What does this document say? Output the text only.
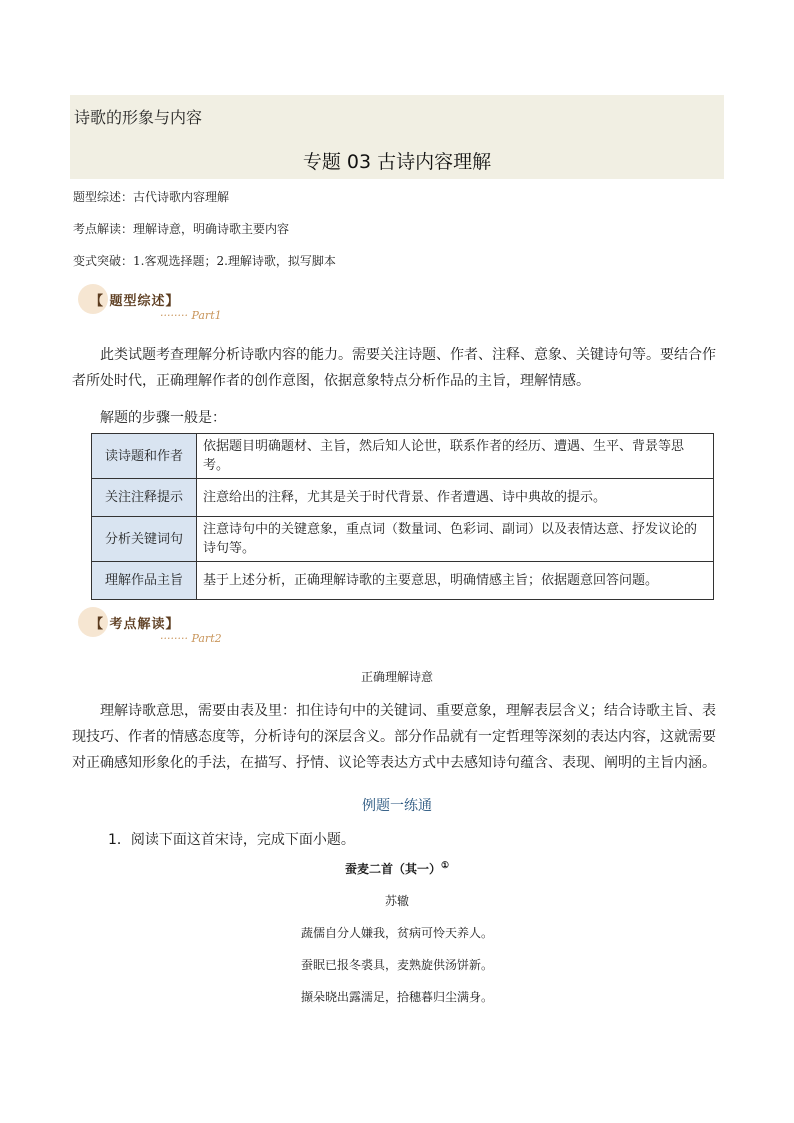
诗歌的形象与内容
专题 03 古诗内容理解
题型综述：古代诗歌内容理解
考点解读：理解诗意，明确诗歌主要内容
变式突破：1.客观选择题；2.理解诗歌，拟写脚本
【 题型综述】
········ Part1
此类试题考查理解分析诗歌内容的能力。需要关注诗题、作者、注释、意象、关键诗句等。要结合作者所处时代，正确理解作者的创作意图，依据意象特点分析作品的主旨，理解情感。
解题的步骤一般是：
读诗题和作者	依据题目明确题材、主旨，然后知人论世，联系作者的经历、遭遇、生平、背景等思考。
关注注释提示	注意给出的注释，尤其是关于时代背景、作者遭遇、诗中典故的提示。
分析关键词句	注意诗句中的关键意象，重点词（数量词、色彩词、副词）以及表情达意、抒发议论的诗句等。
理解作品主旨	基于上述分析，正确理解诗歌的主要意思，明确情感主旨；依据题意回答问题。
【 考点解读】
········ Part2
正确理解诗意
理解诗歌意思，需要由表及里：扣住诗句中的关键词、重要意象，理解表层含义；结合诗歌主旨、表现技巧、作者的情感态度等，分析诗句的深层含义。部分作品就有一定哲理等深刻的表达内容，这就需要对正确感知形象化的手法，在描写、抒情、议论等表达方式中去感知诗句蕴含、表现、阐明的主旨内涵。
例题一练通
1．阅读下面这首宋诗，完成下面小题。
蚕麦二首（其一）①
苏辙
蔬儒自分人嫌我，贫病可怜天养人。
蚕眠已报冬裘具，麦熟旋供汤饼新。
撷朵晓出露濡足，拾穗暮归尘满身。
